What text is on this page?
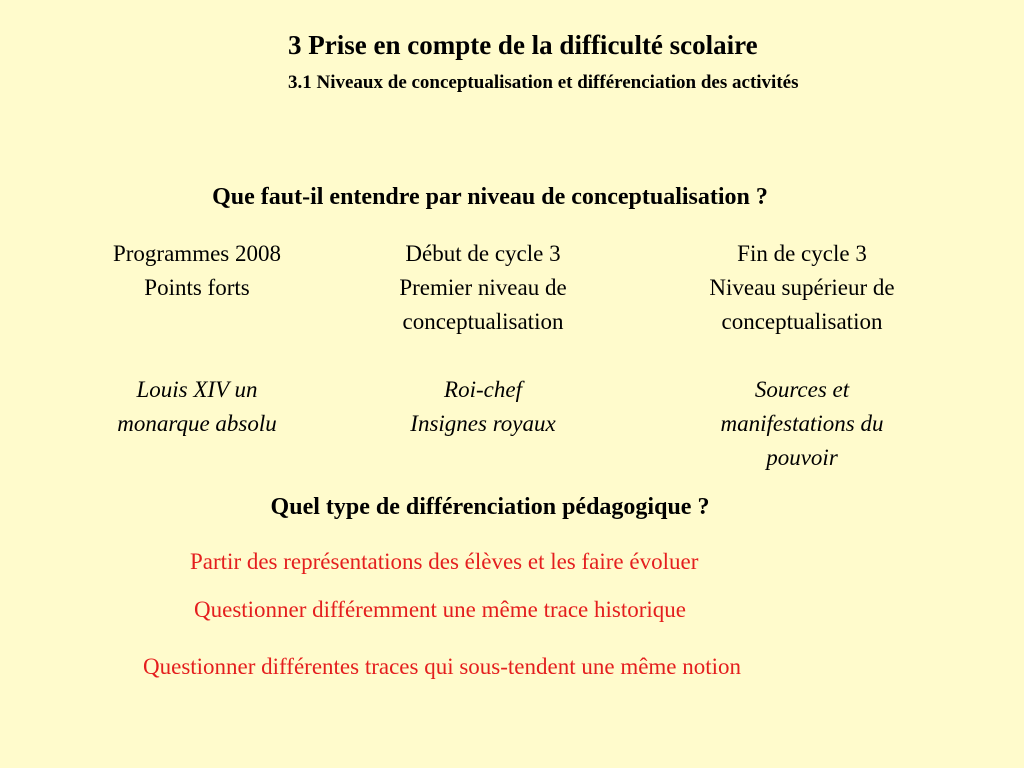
3 Prise en compte de la difficulté scolaire
3.1 Niveaux de conceptualisation et différenciation des activités
Que faut-il entendre par niveau de conceptualisation ?
Programmes 2008
Points forts
Début de cycle 3
Premier niveau de
conceptualisation
Fin de cycle 3
Niveau supérieur de
conceptualisation
Louis XIV un
monarque absolu
Roi-chef
Insignes royaux
Sources et
manifestations du
pouvoir
Quel type de différenciation pédagogique ?
Partir des représentations des élèves et les faire évoluer
Questionner différemment une même trace historique
Questionner différentes traces qui sous-tendent une même notion
